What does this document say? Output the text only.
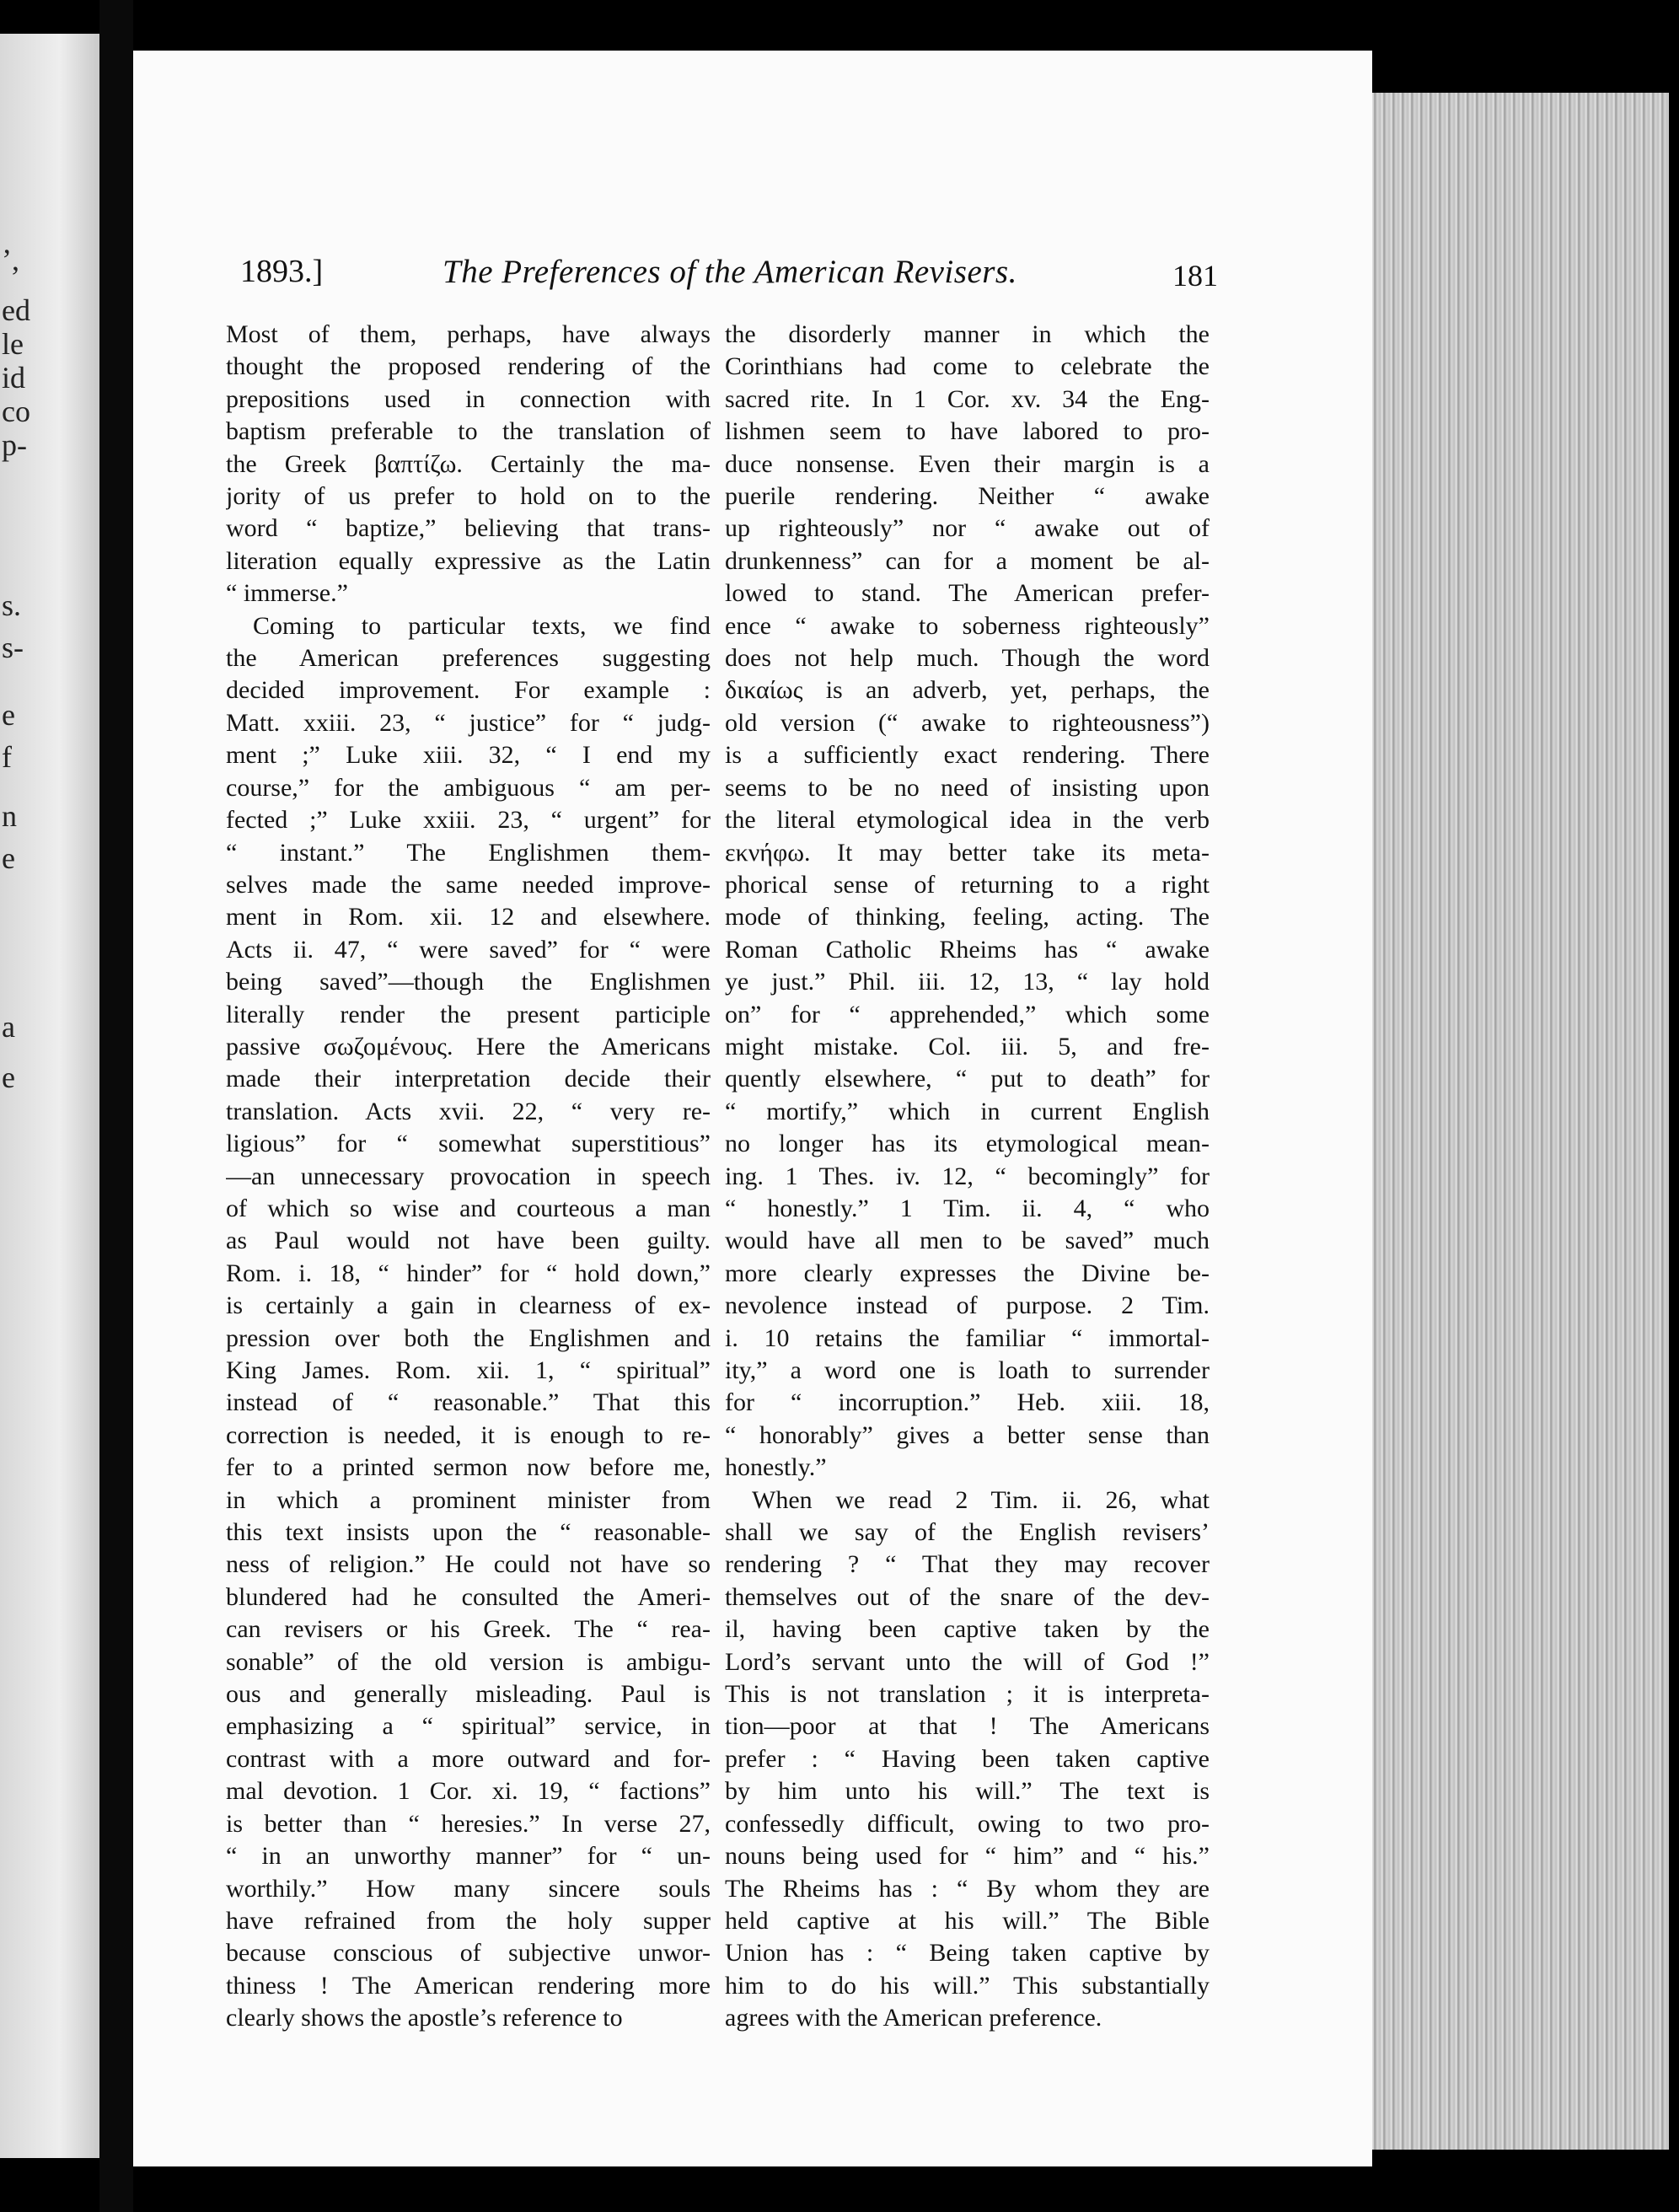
’,
ed
le
id
co
p-
s.
s-
e
f
n
e
a
e
1893.]	The Preferences of the American Revisers.	181
Most of them, perhaps, have always
thought the proposed rendering of the
prepositions used in connection with
baptism preferable to the translation of
the Greek βαπτίζω. Certainly the ma-
jority of us prefer to hold on to the
word “ baptize,” believing that trans-
literation equally expressive as the Latin
“ immerse.”
Coming to particular texts, we find
the American preferences suggesting
decided improvement. For example :
Matt. xxiii. 23, “ justice” for “ judg-
ment ;” Luke xiii. 32, “ I end my
course,” for the ambiguous “ am per-
fected ;” Luke xxiii. 23, “ urgent” for
“ instant.” The Englishmen them-
selves made the same needed improve-
ment in Rom. xii. 12 and elsewhere.
Acts ii. 47, “ were saved” for “ were
being saved”—though the Englishmen
literally render the present participle
passive σωζομένους. Here the Americans
made their interpretation decide their
translation. Acts xvii. 22, “ very re-
ligious” for “ somewhat superstitious”
—an unnecessary provocation in speech
of which so wise and courteous a man
as Paul would not have been guilty.
Rom. i. 18, “ hinder” for “ hold down,”
is certainly a gain in clearness of ex-
pression over both the Englishmen and
King James. Rom. xii. 1, “ spiritual”
instead of “ reasonable.” That this
correction is needed, it is enough to re-
fer to a printed sermon now before me,
in which a prominent minister from
this text insists upon the “ reasonable-
ness of religion.” He could not have so
blundered had he consulted the Ameri-
can revisers or his Greek. The “ rea-
sonable” of the old version is ambigu-
ous and generally misleading. Paul is
emphasizing a “ spiritual” service, in
contrast with a more outward and for-
mal devotion. 1 Cor. xi. 19, “ factions”
is better than “ heresies.” In verse 27,
“ in an unworthy manner” for “ un-
worthily.” How many sincere souls
have refrained from the holy supper
because conscious of subjective unwor-
thiness ! The American rendering more
clearly shows the apostle’s reference to
the disorderly manner in which the
Corinthians had come to celebrate the
sacred rite. In 1 Cor. xv. 34 the Eng-
lishmen seem to have labored to pro-
duce nonsense. Even their margin is a
puerile rendering. Neither “ awake
up righteously” nor “ awake out of
drunkenness” can for a moment be al-
lowed to stand. The American prefer-
ence “ awake to soberness righteously”
does not help much. Though the word
δικαίως is an adverb, yet, perhaps, the
old version (“ awake to righteousness”)
is a sufficiently exact rendering. There
seems to be no need of insisting upon
the literal etymological idea in the verb
εκνήφω. It may better take its meta-
phorical sense of returning to a right
mode of thinking, feeling, acting. The
Roman Catholic Rheims has “ awake
ye just.” Phil. iii. 12, 13, “ lay hold
on” for “ apprehended,” which some
might mistake. Col. iii. 5, and fre-
quently elsewhere, “ put to death” for
“ mortify,” which in current English
no longer has its etymological mean-
ing. 1 Thes. iv. 12, “ becomingly” for
“ honestly.” 1 Tim. ii. 4, “ who
would have all men to be saved” much
more clearly expresses the Divine be-
nevolence instead of purpose. 2 Tim.
i. 10 retains the familiar “ immortal-
ity,” a word one is loath to surrender
for “ incorruption.” Heb. xiii. 18,
“ honorably” gives a better sense than
honestly.”
When we read 2 Tim. ii. 26, what
shall we say of the English revisers’
rendering ? “ That they may recover
themselves out of the snare of the dev-
il, having been captive taken by the
Lord’s servant unto the will of God !”
This is not translation ; it is interpreta-
tion—poor at that ! The Americans
prefer : “ Having been taken captive
by him unto his will.” The text is
confessedly difficult, owing to two pro-
nouns being used for “ him” and “ his.”
The Rheims has : “ By whom they are
held captive at his will.” The Bible
Union has : “ Being taken captive by
him to do his will.” This substantially
agrees with the American preference.
